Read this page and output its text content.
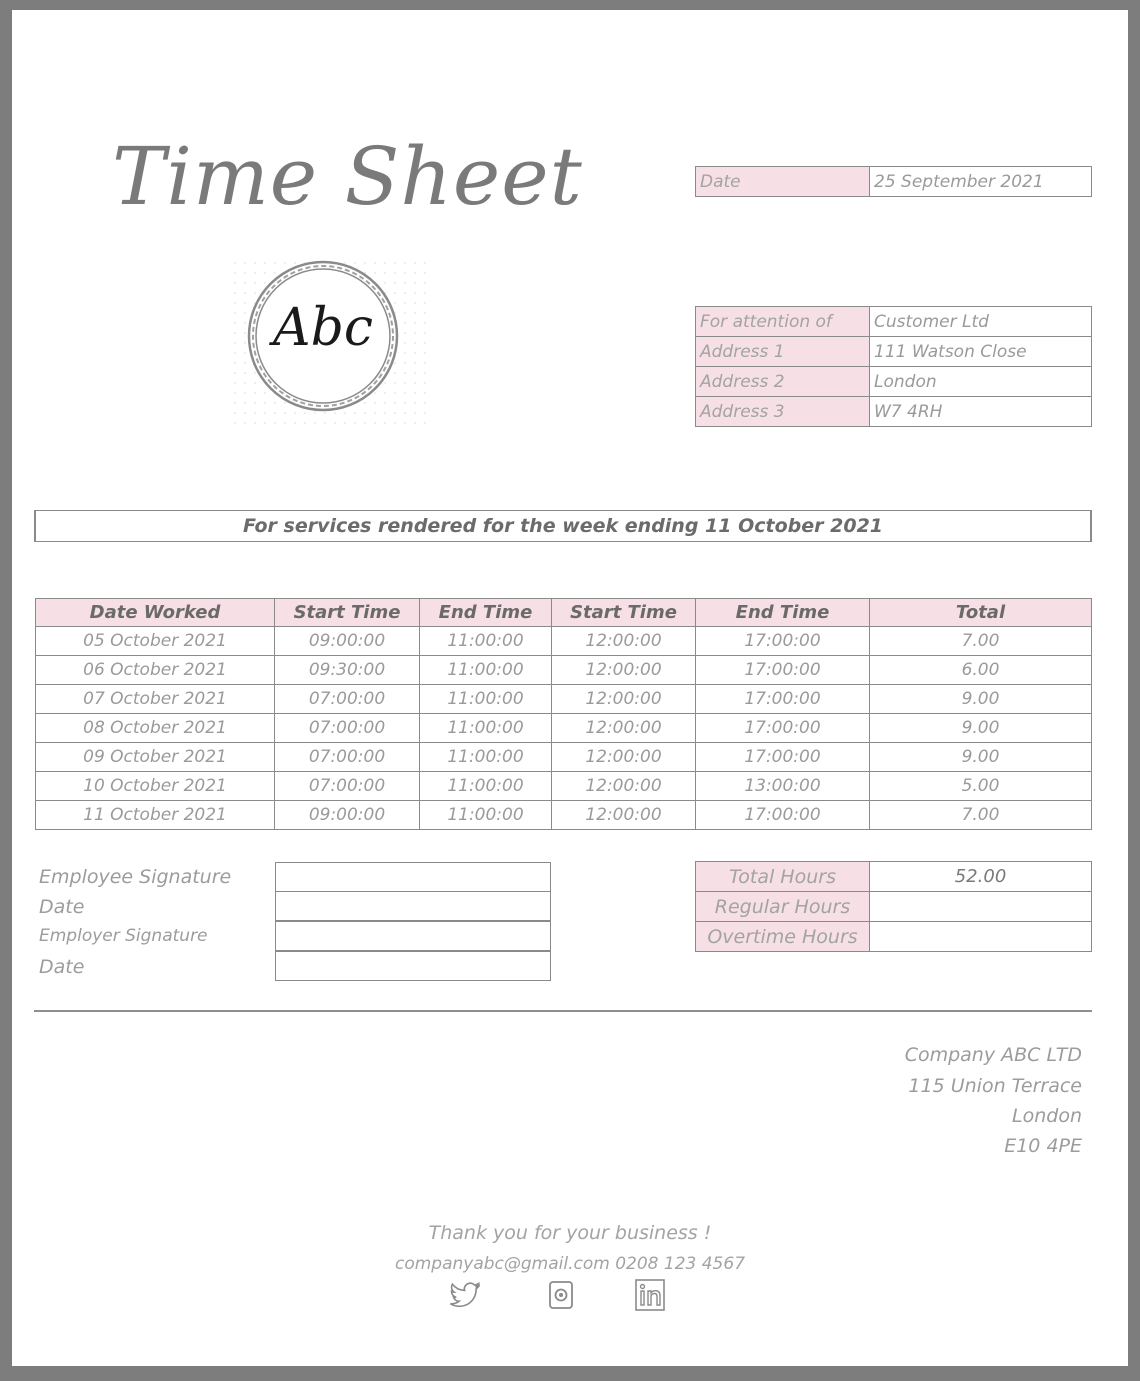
Time Sheet
Abc
Date	25 September 2021
For attention of	Customer Ltd
Address 1	111 Watson Close
Address 2	London
Address 3	W7 4RH
For services rendered for the week ending 11 October 2021
Date Worked	Start Time	End Time	Start Time	End Time	Total
05 October 2021	09:00:00	11:00:00	12:00:00	17:00:00	7.00
06 October 2021	09:30:00	11:00:00	12:00:00	17:00:00	6.00
07 October 2021	07:00:00	11:00:00	12:00:00	17:00:00	9.00
08 October 2021	07:00:00	11:00:00	12:00:00	17:00:00	9.00
09 October 2021	07:00:00	11:00:00	12:00:00	17:00:00	9.00
10 October 2021	07:00:00	11:00:00	12:00:00	13:00:00	5.00
11 October 2021	09:00:00	11:00:00	12:00:00	17:00:00	7.00
Employee Signature
Date
Employer Signature
Date
Total Hours	52.00
Regular Hours	
Overtime Hours	
Company ABC LTD
115 Union Terrace
London
E10 4PE
Thank you for your business !
companyabc@gmail.com 0208 123 4567
